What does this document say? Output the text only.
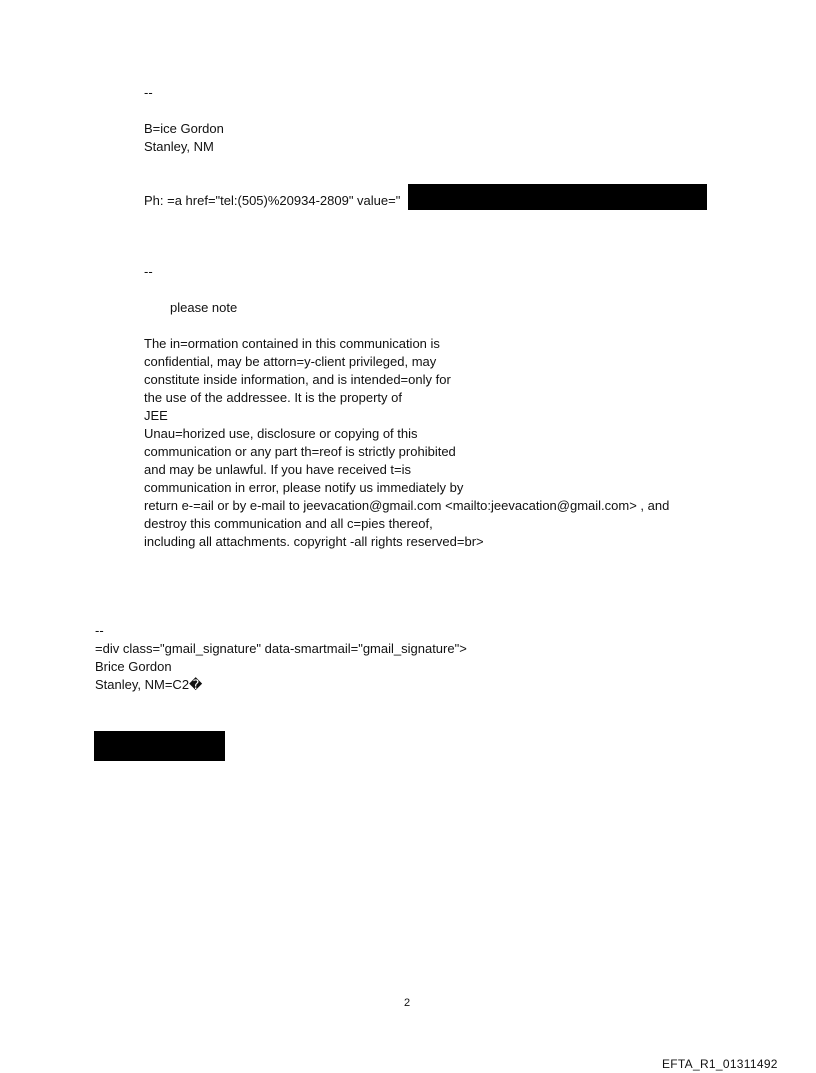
--
B=ice Gordon
Stanley, NM
Ph: =a href="tel:(505)%20934-2809" value="
--
please note
The in=ormation contained in this communication is
confidential, may be attorn=y-client privileged, may
constitute inside information, and is intended=only for
the use of the addressee. It is the property of
JEE
Unau=horized use, disclosure or copying of this
communication or any part th=reof is strictly prohibited
and may be unlawful. If you have received t=is
communication in error, please notify us immediately by
return e-=ail or by e-mail to jeevacation@gmail.com <mailto:jeevacation@gmail.com> , and
destroy this communication and all c=pies thereof,
including all attachments. copyright -all rights reserved=br>
--
=div class="gmail_signature" data-smartmail="gmail_signature">
Brice Gordon
Stanley, NM=C2�
2
EFTA_R1_01311492
